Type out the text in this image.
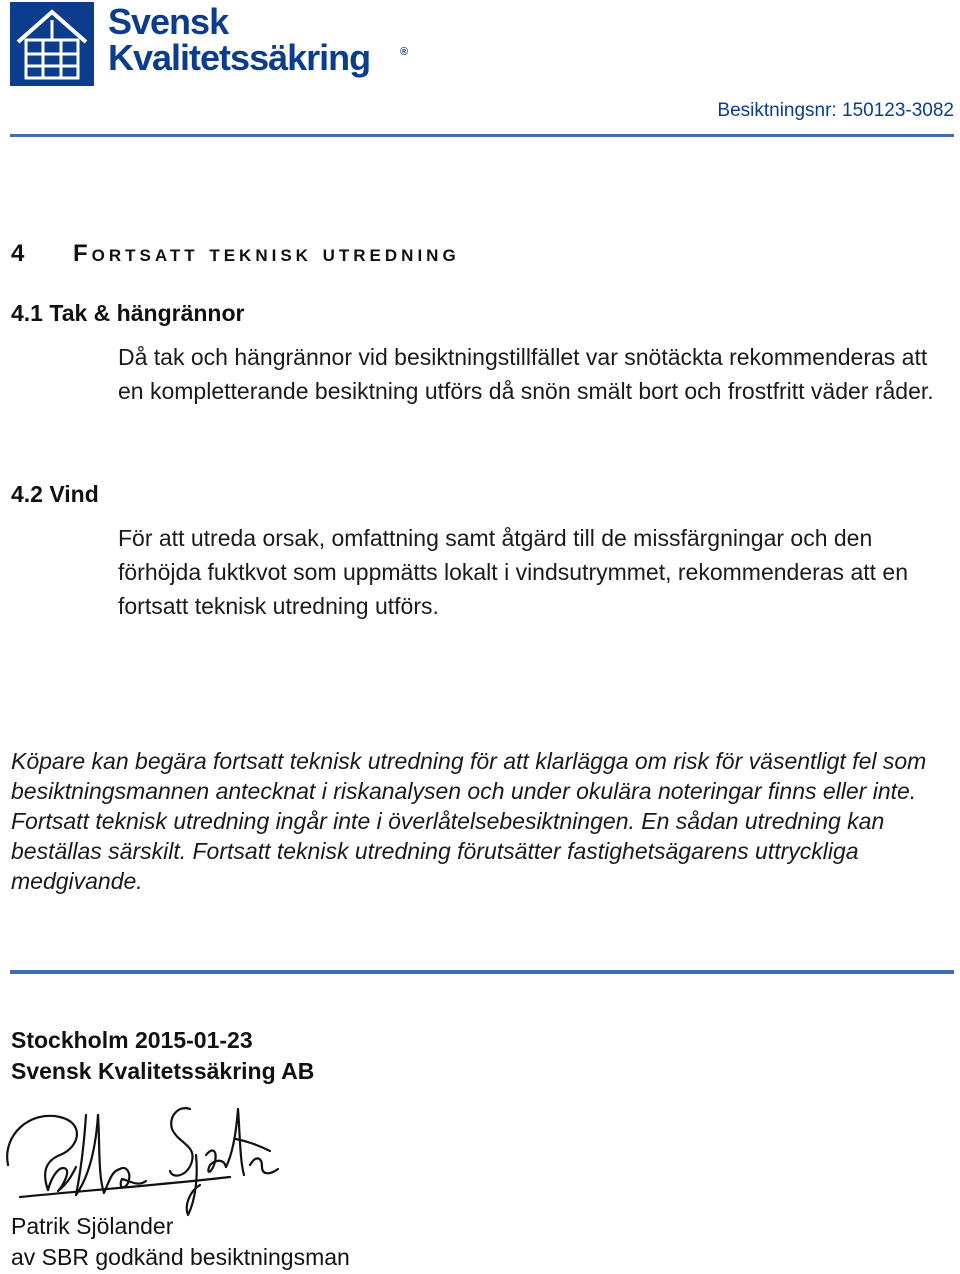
Svensk
Kvalitetssäkring	®
Besiktningsnr: 150123-3082
4 Fortsatt teknisk utredning
4.1 Tak & hängrännor
Då tak och hängrännor vid besiktningstillfället var snötäckta rekommenderas att en kompletterande besiktning utförs då snön smält bort och frostfritt väder råder.
4.2 Vind
För att utreda orsak, omfattning samt åtgärd till de missfärgningar och den förhöjda fuktkvot som uppmätts lokalt i vindsutrymmet, rekommenderas att en fortsatt teknisk utredning utförs.
Köpare kan begära fortsatt teknisk utredning för att klarlägga om risk för väsentligt fel som besiktningsmannen antecknat i riskanalysen och under okulära noteringar finns eller inte. Fortsatt teknisk utredning ingår inte i överlåtelsebesiktningen. En sådan utredning kan beställas särskilt. Fortsatt teknisk utredning förutsätter fastighetsägarens uttryckliga medgivande.
Stockholm 2015-01-23
Svensk Kvalitetssäkring AB
Patrik Sjölander
av SBR godkänd besiktningsman
